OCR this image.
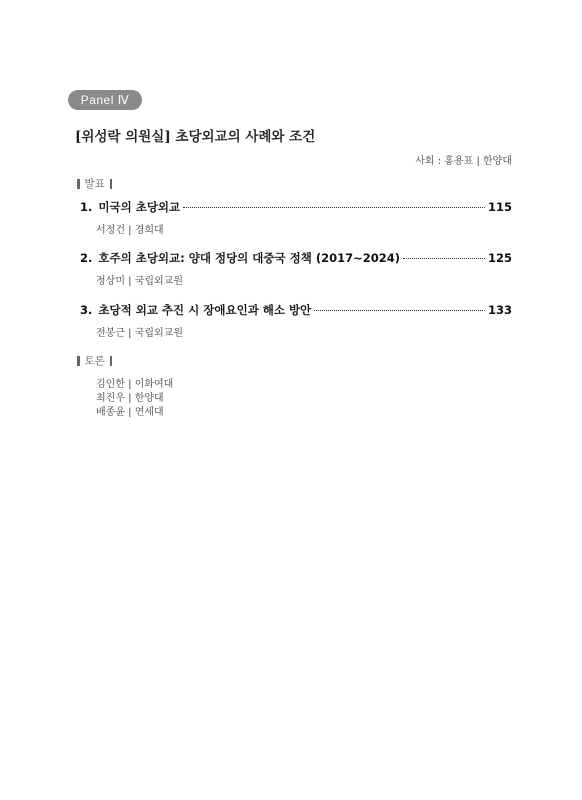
Panel Ⅳ
[위성락 의원실] 초당외교의 사례와 조건
사회 : 홍용표 | 한양대
발표
1. 미국의 초당외교	115
서정건 | 경희대
2. 호주의 초당외교: 양대 정당의 대중국 정책 (2017~2024)	125
정상미 | 국립외교원
3. 초당적 외교 추진 시 장애요인과 해소 방안	133
전봉근 | 국립외교원
토론
김인한 | 이화여대
최진우 | 한양대
배종윤 | 연세대
